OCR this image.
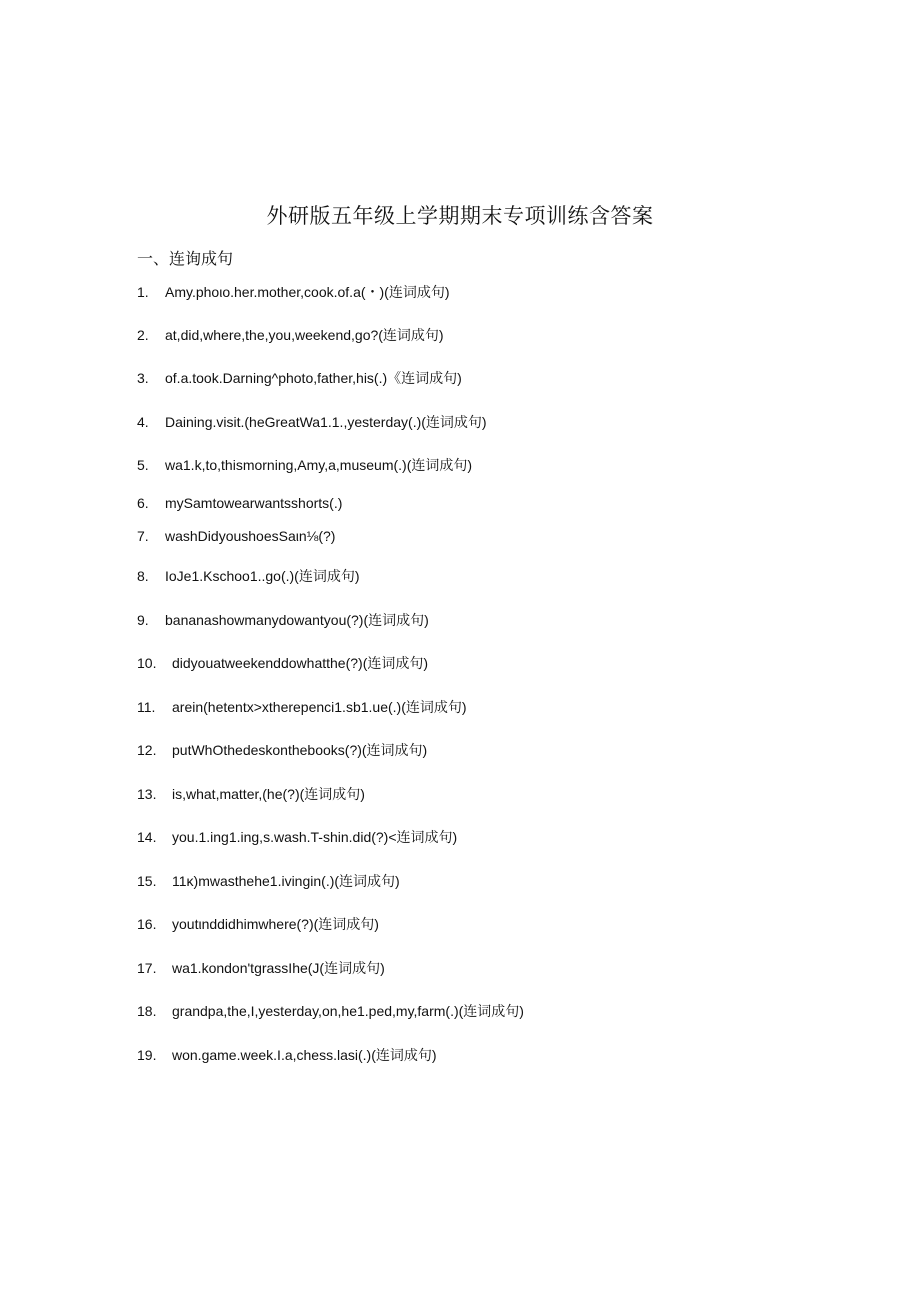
外研版五年级上学期期末专项训练含答案
一、连询成句
1. Amy.phoιo.her.mother,cook.of.a(・)(连词成句)
2. at,did,where,the,you,weekend,go?(连词成句)
3. of.a.took.Darning^photo,father,his(.)《连词成句)
4. Daining.visit.(heGreatWa1.1.,yesterday(.)(连词成句)
5. wa1.k,to,thismorning,Amy,a,museum(.)(连词成句)
6. mySamtowearwantsshorts(.)
7. washDidyoushoesSaιn⅛(?)
8. IoJe1.Kschoo1..go(.)(连词成句)
9. bananashowmanydowantyou(?)(连词成句)
10. didyouatweekenddowhatthe(?)(连词成句)
11. arein(hetentx>xtherepenci1.sb1.ue(.)(连词成句)
12. putWhOthedeskonthebooks(?)(连词成句)
13. is,what,matter,(he(?)(连词成句)
14. you.1.ing1.ing,s.wash.T-shin.did(?)<连词成句)
15. 11κ)mwasthehe1.ivingin(.)(连词成句)
16. youtιnddidhimwhere(?)(连词成句)
17. wa1.kondon'tgrassIhe(J(连词成句)
18. grandpa,the,I,yesterday,on,he1.ped,my,farm(.)(连词成句)
19. won.game.week.I.a,chess.lasi(.)(连词成句)
